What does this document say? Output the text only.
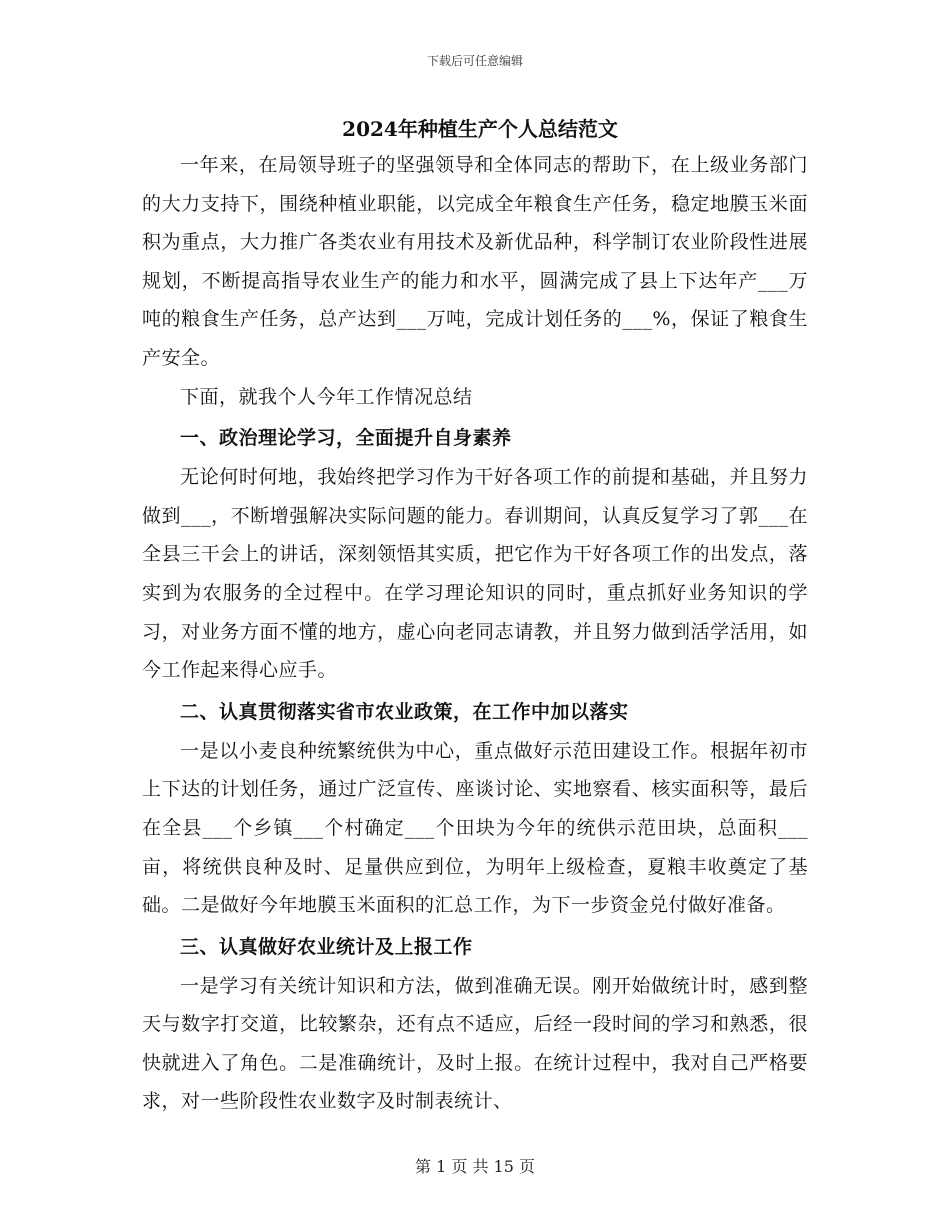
下载后可任意编辑
2024年种植生产个人总结范文

一年来，在局领导班子的坚强领导和全体同志的帮助下，在上级业务部门的大力支持下，围绕种植业职能，以完成全年粮食生产任务，稳定地膜玉米面积为重点，大力推广各类农业有用技术及新优品种，科学制订农业阶段性进展规划，不断提高指导农业生产的能力和水平，圆满完成了县上下达年产___万吨的粮食生产任务，总产达到___万吨，完成计划任务的___%，保证了粮食生产安全。

下面，就我个人今年工作情况总结

一、政治理论学习，全面提升自身素养

无论何时何地，我始终把学习作为干好各项工作的前提和基础，并且努力做到___，不断增强解决实际问题的能力。春训期间，认真反复学习了郭___在全县三干会上的讲话，深刻领悟其实质，把它作为干好各项工作的出发点，落实到为农服务的全过程中。在学习理论知识的同时，重点抓好业务知识的学习，对业务方面不懂的地方，虚心向老同志请教，并且努力做到活学活用，如今工作起来得心应手。

二、认真贯彻落实省市农业政策，在工作中加以落实

一是以小麦良种统繁统供为中心，重点做好示范田建设工作。根据年初市上下达的计划任务，通过广泛宣传、座谈讨论、实地察看、核实面积等，最后在全县___个乡镇___个村确定___个田块为今年的统供示范田块，总面积___亩，将统供良种及时、足量供应到位，为明年上级检查，夏粮丰收奠定了基础。二是做好今年地膜玉米面积的汇总工作，为下一步资金兑付做好准备。

三、认真做好农业统计及上报工作

一是学习有关统计知识和方法，做到准确无误。刚开始做统计时，感到整天与数字打交道，比较繁杂，还有点不适应，后经一段时间的学习和熟悉，很快就进入了角色。二是准确统计，及时上报。在统计过程中，我对自己严格要求，对一些阶段性农业数字及时制表统计、

第 1 页 共 15 页
